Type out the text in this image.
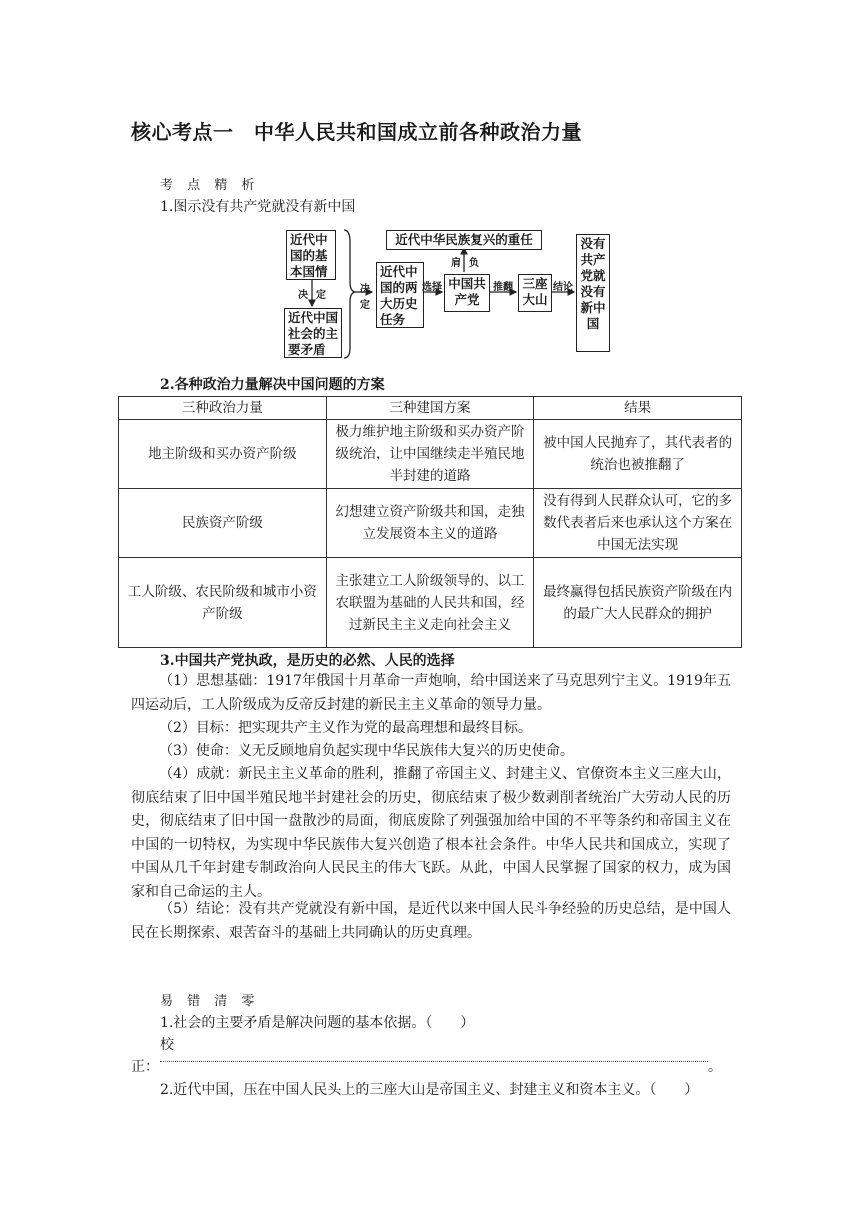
核心考点一　中华人民共和国成立前各种政治力量
考 点 精 析
1.图示没有共产党就没有新中国
近代中国的基本国情
近代中国社会的主要矛盾
近代中国的两大历史任务
近代中华民族复兴的重任
中国共产党
三座大山
没有共产党就没有新中国
决 定
决
定
选择
肩 负
推翻	结论
2.各种政治力量解决中国问题的方案
三种政治力量	三种建国方案	结果
地主阶级和买办资产阶级	极力维护地主阶级和买办资产阶级统治，让中国继续走半殖民地半封建的道路	被中国人民抛弃了，其代表者的统治也被推翻了
民族资产阶级	幻想建立资产阶级共和国，走独立发展资本主义的道路	没有得到人民群众认可，它的多数代表者后来也承认这个方案在中国无法实现
工人阶级、农民阶级和城市小资产阶级	主张建立工人阶级领导的、以工农联盟为基础的人民共和国，经过新民主主义走向社会主义	最终赢得包括民族资产阶级在内的最广大人民群众的拥护
3.中国共产党执政，是历史的必然、人民的选择
（1）思想基础：1917年俄国十月革命一声炮响，给中国送来了马克思列宁主义。1919年五四运动后，工人阶级成为反帝反封建的新民主主义革命的领导力量。
（2）目标：把实现共产主义作为党的最高理想和最终目标。
（3）使命：义无反顾地肩负起实现中华民族伟大复兴的历史使命。
（4）成就：新民主主义革命的胜利，推翻了帝国主义、封建主义、官僚资本主义三座大山，彻底结束了旧中国半殖民地半封建社会的历史，彻底结束了极少数剥削者统治广大劳动人民的历史，彻底结束了旧中国一盘散沙的局面，彻底废除了列强强加给中国的不平等条约和帝国主义在中国的一切特权，为实现中华民族伟大复兴创造了根本社会条件。中华人民共和国成立，实现了中国从几千年封建专制政治向人民民主的伟大飞跃。从此，中国人民掌握了国家的权力，成为国家和自己命运的主人。
（5）结论：没有共产党就没有新中国，是近代以来中国人民斗争经验的历史总结，是中国人民在长期探索、艰苦奋斗的基础上共同确认的历史真理。
易 错 清 零
1.社会的主要矛盾是解决问题的基本依据。（　　）
校
正：	。
2.近代中国，压在中国人民头上的三座大山是帝国主义、封建主义和资本主义。（　　）
